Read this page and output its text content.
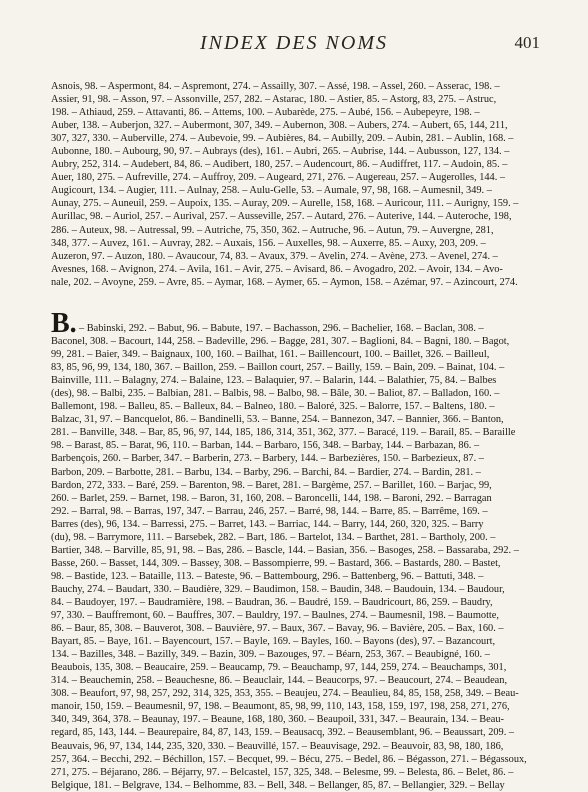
INDEX DES NOMS	401
Asnois, 98. – Aspermont, 84. – Aspremont, 274. – Assailly, 307. – Assé, 198. – Assel, 260. – Asserac, 198. –
Assier, 91, 98. – Asson, 97. – Assonville, 257, 282. – Astarac, 180. – Astier, 85. – Astorg, 83, 275. – Astruc,
198. – Athiaud, 259. – Attavanti, 86. – Attems, 100. – Aubarède, 275. – Aubé, 156. – Aubepeyre, 198. –
Auber, 138. – Auberjon, 327. – Aubermont, 307, 349. – Aubernon, 308. – Aubers, 274. – Aubert, 65, 144, 211,
307, 327, 330. – Auberville, 274. – Aubevoie, 99. – Aubières, 84. – Aubilly, 209. – Aubin, 281. – Aublin, 168. –
Aubonne, 180. – Aubourg, 90, 97. – Aubrays (des), 161. – Aubri, 265. – Aubrise, 144. – Aubusson, 127, 134. –
Aubry, 252, 314. – Audebert, 84, 86. – Audibert, 180, 257. – Audencourt, 86. – Audiffret, 117. – Audoin, 85. –
Auer, 180, 275. – Aufreville, 274. – Auffroy, 209. – Augeard, 271, 276. – Augereau, 257. – Augerolles, 144. –
Augicourt, 134. – Augier, 111. – Aulnay, 258. – Aulu-Gelle, 53. – Aumale, 97, 98, 168. – Aumesnil, 349. –
Aunay, 275. – Auneuil, 259. – Aupoix, 135. – Auray, 209. – Aurelle, 158, 168. – Auricour, 111. – Aurigny, 159. –
Aurillac, 98. – Auriol, 257. – Aurival, 257. – Ausseville, 257. – Autard, 276. – Auterive, 144. – Auteroche, 198,
286. – Auteux, 98. – Autressal, 99. – Autriche, 75, 350, 362. – Autruche, 96. – Autun, 79. – Auvergne, 281,
348, 377. – Auvez, 161. – Auvray, 282. – Auxais, 156. – Auxelles, 98. – Auxerre, 85. – Auxy, 203, 209. –
Auzeron, 97. – Auzon, 180. – Avaucour, 74, 83. – Avaux, 379. – Avelin, 274. – Avène, 273. – Avenel, 274. –
Avesnes, 168. – Avignon, 274. – Avila, 161. – Avir, 275. – Avisard, 86. – Avogadro, 202. – Avoir, 134. – Avo-
nale, 202. – Avoyne, 259. – Avre, 85. – Aymar, 168. – Aymer, 65. – Aymon, 158. – Azémar, 97. – Azincourt, 274.
B. – Babinski, 292. – Babut, 96. – Babute, 197. – Bachasson, 296. – Bachelier, 168. – Baclan, 308. –
Baconel, 308. – Bacourt, 144, 258. – Badeville, 296. – Bagge, 281, 307. – Baglioni, 84. – Bagni, 180. – Bagot,
99, 281. – Baier, 349. – Baignaux, 100, 160. – Bailhat, 161. – Baillencourt, 100. – Baillet, 326. – Bailleul,
83, 85, 96, 99, 134, 180, 367. – Baillon, 259. – Baillon court, 257. – Bailly, 159. – Bain, 209. – Bainat, 104. –
Bainville, 111. – Balagny, 274. – Balaine, 123. – Balaquier, 97. – Balarin, 144. – Balathier, 75, 84. – Balbes
(des), 98. – Balbi, 235. – Balbian, 281. – Balbis, 98. – Balbo, 98. – Bâle, 30. – Baliot, 87. – Balladon, 160. –
Ballemont, 198. – Balleu, 85. – Balleux, 84. – Balneo, 180. – Baloré, 325. – Balorre, 157. – Baltens, 180. –
Balzac, 31, 97. – Bancquelot, 86. – Bandinelli, 53. – Banne, 254. – Bannezon, 347. – Bannier, 366. – Banton,
281. – Banville, 348. – Bar, 85, 96, 97, 144, 185, 186, 314, 351, 362, 377. – Baracé, 119. – Barail, 85. – Baraille
98. – Barast, 85. – Barat, 96, 110. – Barban, 144. – Barbaro, 156, 348. – Barbay, 144. – Barbazan, 86. –
Barbençois, 260. – Barber, 347. – Barberin, 273. – Barbery, 144. – Barbezières, 150. – Barbezieux, 87. –
Barbon, 209. – Barbotte, 281. – Barbu, 134. – Barby, 296. – Barchi, 84. – Bardier, 274. – Bardin, 281. –
Bardon, 272, 333. – Baré, 259. – Barenton, 98. – Baret, 281. – Bargème, 257. – Barillet, 160. – Barjac, 99,
260. – Barlet, 259. – Barnet, 198. – Baron, 31, 160, 208. – Baroncelli, 144, 198. – Baroni, 292. – Barragan
292. – Barral, 98. – Barras, 197, 347. – Barrau, 246, 257. – Barré, 98, 144. – Barre, 85. – Barrême, 169. –
Barres (des), 96, 134. – Barressi, 275. – Barret, 143. – Barriac, 144. – Barry, 144, 260, 320, 325. – Barry
(du), 98. – Barrymore, 111. – Barsebek, 282. – Bart, 186. – Bartelot, 134. – Barthet, 281. – Bartholy, 200. –
Bartier, 348. – Barville, 85, 91, 98. – Bas, 286. – Bascle, 144. – Basian, 356. – Basoges, 258. – Bassaraba, 292. –
Basse, 260. – Basset, 144, 309. – Bassey, 308. – Bassompierre, 99. – Bastard, 366. – Bastards, 280. – Bastet,
98. – Bastide, 123. – Bataille, 113. – Bateste, 96. – Battembourg, 296. – Battenberg, 96. – Battuti, 348. –
Bauchy, 274. – Baudart, 330. – Baudière, 329. – Baudimon, 158. – Baudin, 348. – Baudouin, 134. – Baudour,
84. – Baudoyer, 197. – Baudramière, 198. – Baudran, 36. – Baudré, 159. – Baudricourt, 86, 259. – Baudry,
97, 330. – Bauffremont, 60. – Bauffres, 307. – Bauldry, 197. – Baulnes, 274. – Baumesnil, 198. – Baumotte,
86. – Baur, 85, 308. – Bauverot, 308. – Bauvière, 97. – Baux, 367. – Bavay, 96. – Bavière, 205. – Bax, 160. –
Bayart, 85. – Baye, 161. – Bayencourt, 157. – Bayle, 169. – Bayles, 160. – Bayons (des), 97. – Bazancourt,
134. – Bazilles, 348. – Bazilly, 349. – Bazin, 309. – Bazouges, 97. – Béarn, 253, 367. – Beaubigné, 160. –
Beaubois, 135, 308. – Beaucaire, 259. – Beaucamp, 79. – Beauchamp, 97, 144, 259, 274. – Beauchamps, 301,
314. – Beauchemin, 258. – Beauchesne, 86. – Beauclair, 144. – Beaucorps, 97. – Beaucourt, 274. – Beaudean,
308. – Beaufort, 97, 98, 257, 292, 314, 325, 353, 355. – Beaujeu, 274. – Beaulieu, 84, 85, 158, 258, 349. – Beau-
manoir, 150, 159. – Beaumesnil, 97, 198. – Beaumont, 85, 98, 99, 110, 143, 158, 159, 197, 198, 258, 271, 276,
340, 349, 364, 378. – Beaunay, 197. – Beaune, 168, 180, 360. – Beaupoil, 331, 347. – Beaurain, 134. – Beau-
regard, 85, 143, 144. – Beaurepaire, 84, 87, 143, 159. – Beausacq, 392. – Beausemblant, 96. – Beaussart, 209. –
Beauvais, 96, 97, 134, 144, 235, 320, 330. – Beauvillé, 157. – Beauvisage, 292. – Beauvoir, 83, 98, 180, 186,
257, 364. – Becchi, 292. – Béchillon, 157. – Becquet, 99. – Bécu, 275. – Bedel, 86. – Bégasson, 271. – Bégassoux,
271, 275. – Béjarano, 286. – Béjarry, 97. – Belcastel, 157, 325, 348. – Belesme, 99. – Belesta, 86. – Belet, 86. –
Belgique, 181. – Belgrave, 134. – Belhomme, 83. – Bell, 348. – Bellanger, 85, 87. – Bellangier, 329. – Bellay
